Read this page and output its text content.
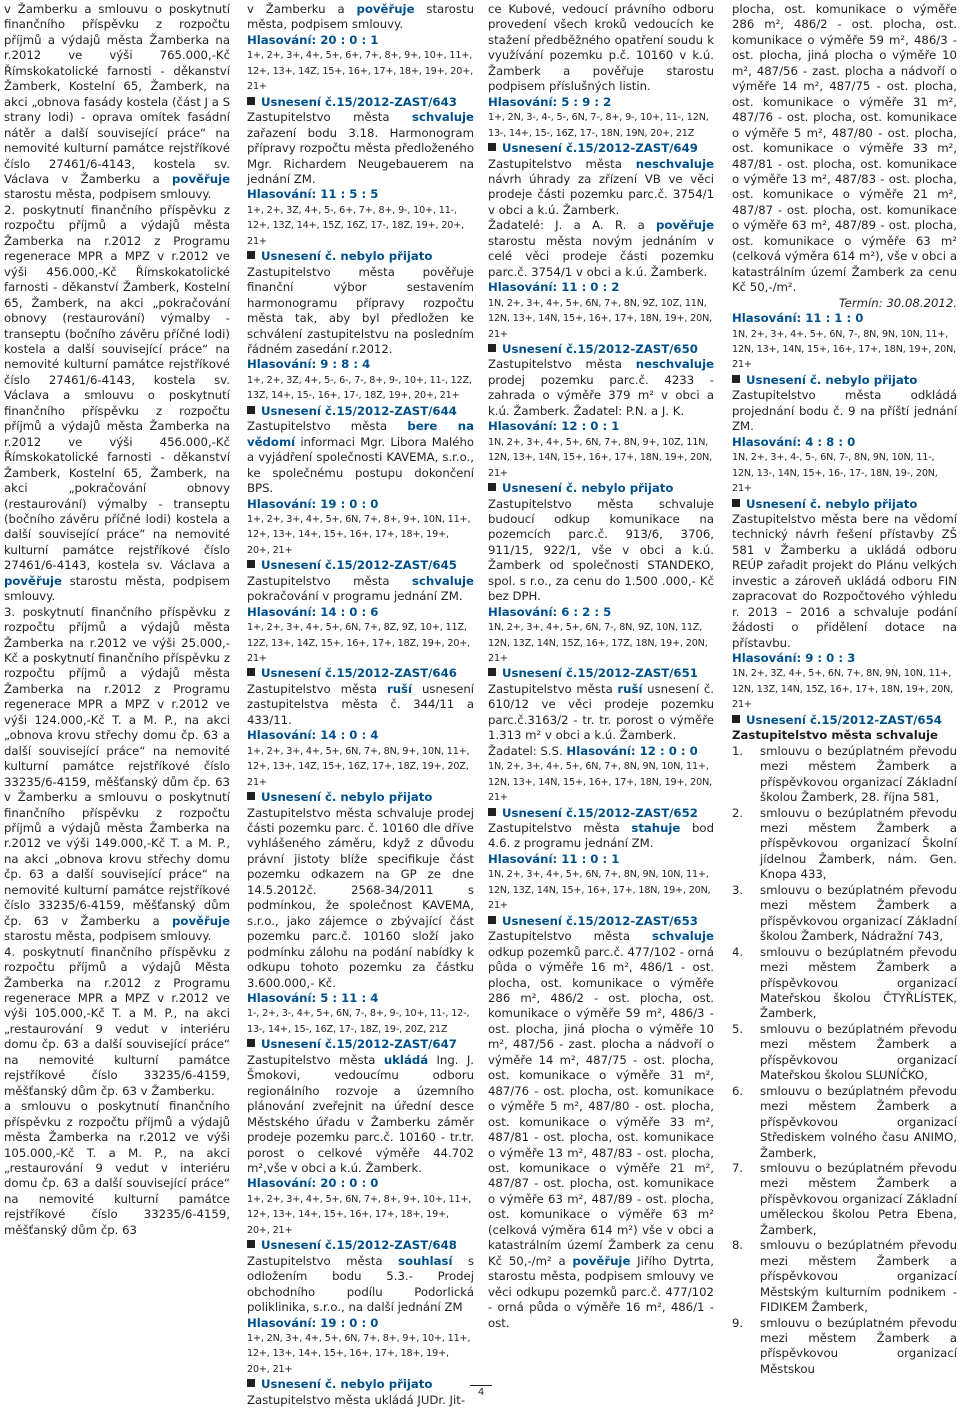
v Žamberku a smlouvu o poskytnutí finančního příspěvku z rozpočtu příjmů a výdajů města Žamberka na r.2012 ve výši 765.000,-Kč Římskokatolické farnosti - děkanství Žamberk, Kostelní 65, Žamberk, na akci „obnova fasády kostela (část J a S strany lodi) - oprava omítek fasádní nátěr a další související práce“ na nemovité kulturní památce rejstříkové číslo 27461/6-4143, kostela sv. Václava v Žamberku a pověřuje starostu města, podpisem smlouvy.

2. poskytnutí finančního příspěvku z rozpočtu příjmů a výdajů města Žamberka na r.2012 z Programu regenerace MPR a MPZ v r.2012 ve výši 456.000,-Kč Římskokatolické farnosti - děkanství Žamberk, Kostelní 65, Žamberk, na akci „pokračování obnovy (restaurování) výmalby - transeptu (bočního závěru příčné lodi) kostela a další související práce“ na nemovité kulturní památce rejstříkové číslo 27461/6-4143, kostela sv. Václava a smlouvu o poskytnutí finančního příspěvku z rozpočtu příjmů a výdajů města Žamberka na r.2012 ve výši 456.000,-Kč Římskokatolické farnosti - děkanství Žamberk, Kostelní 65, Žamberk, na akci „pokračování obnovy (restaurování) výmalby - transeptu (bočního závěru příčné lodi) kostela a další související práce“ na nemovité kulturní památce rejstříkové číslo 27461/6-4143, kostela sv. Václava a pověřuje starostu města, podpisem smlouvy.

3. poskytnutí finančního příspěvku z rozpočtu příjmů a výdajů města Žamberka na r.2012 ve výši 25.000,-Kč a poskytnutí finančního příspěvku z rozpočtu příjmů a výdajů města Žamberka na r.2012 z Programu regenerace MPR a MPZ v r.2012 ve výši 124.000,-Kč T. a M. P., na akci „obnova krovu střechy domu čp. 63 a další související práce“ na nemovité kulturní památce rejstříkové číslo 33235/6-4159, měšťanský dům čp. 63 v Žamberku a smlouvu o poskytnutí finančního příspěvku z rozpočtu příjmů a výdajů města Žamberka na r.2012 ve výši 149.000,-Kč T. a M. P., na akci „obnova krovu střechy domu čp. 63 a další související práce“ na nemovité kulturní památce rejstříkové číslo 33235/6-4159, měšťanský dům čp. 63 v Žamberku a pověřuje starostu města, podpisem smlouvy.

4. poskytnutí finančního příspěvku z rozpočtu příjmů a výdajů Města Žamberka na r.2012 z Programu regenerace MPR a MPZ v r.2012 ve výši 105.000,-Kč T. a M. P., na akci „restaurování 9 vedut v interiéru domu čp. 63 a další související práce“ na nemovité kulturní památce rejstříkové číslo 33235/6-4159, měšťanský dům čp. 63 v Žamberku.

a smlouvu o poskytnutí finančního příspěvku z rozpočtu příjmů a výdajů města Žamberka na r.2012 ve výši 105.000,-Kč T. a M. P., na akci „restaurování 9 vedut v interiéru domu čp. 63 a další související práce“ na nemovité kulturní památce rejstříkové číslo 33235/6-4159, měšťanský dům čp. 63

v Žamberku a pověřuje starostu města, podpisem smlouvy.

Hlasování: 20 : 0 : 1

1+, 2+, 3+, 4+, 5+, 6+, 7+, 8+, 9+, 10+, 11+, 12+, 13+, 14Z, 15+, 16+, 17+, 18+, 19+, 20+, 21+

Usnesení č.15/2012-ZAST/643

Zastupitelstvo města schvaluje zařazení bodu 3.18. Harmonogram přípravy rozpočtu města předloženého Mgr. Richardem Neugebauerem na jednání ZM.

Hlasování: 11 : 5 : 5

1+, 2+, 3Z, 4+, 5-, 6+, 7+, 8+, 9-, 10+, 11-, 12+, 13Z, 14+, 15Z, 16Z, 17-, 18Z, 19+, 20+, 21+

Usnesení č. nebylo přijato

Zastupitelstvo města pověřuje finanční výbor sestavením harmonogramu přípravy rozpočtu města tak, aby byl předložen ke schválení zastupitelstvu na posledním řádném zasedání r.2012.

Hlasování: 9 : 8 : 4

1+, 2+, 3Z, 4+, 5-, 6-, 7-, 8+, 9-, 10+, 11-, 12Z, 13Z, 14+, 15-, 16+, 17-, 18Z, 19+, 20+, 21+

Usnesení č.15/2012-ZAST/644

Zastupitelstvo města bere na vědomí informaci Mgr. Libora Malého a vyjádření společnosti KAVEMA, s.r.o., ke společnému postupu dokončení BPS.

Hlasování: 19 : 0 : 0

1+, 2+, 3+, 4+, 5+, 6N, 7+, 8+, 9+, 10N, 11+, 12+, 13+, 14+, 15+, 16+, 17+, 18+, 19+, 20+, 21+

Usnesení č.15/2012-ZAST/645

Zastupitelstvo města schvaluje pokračování v programu jednání ZM.

Hlasování: 14 : 0 : 6

1+, 2+, 3+, 4+, 5+, 6N, 7+, 8Z, 9Z, 10+, 11Z, 12Z, 13+, 14Z, 15+, 16+, 17+, 18Z, 19+, 20+, 21+

Usnesení č.15/2012-ZAST/646

Zastupitelstvo města ruší usnesení zastupitelstva města č. 344/11 a 433/11.

Hlasování: 14 : 0 : 4

1+, 2+, 3+, 4+, 5+, 6N, 7+, 8N, 9+, 10N, 11+, 12+, 13+, 14Z, 15+, 16Z, 17+, 18Z, 19+, 20Z, 21+

Usnesení č. nebylo přijato

Zastupitelstvo města schvaluje prodej části pozemku parc. č. 10160 dle dříve vyhlášeného záměru, když z důvodu právní jistoty blíže specifikuje část pozemku odkazem na GP ze dne 14.5.2012č. 2568-34/2011 s podmínkou, že společnost KAVEMA, s.r.o., jako zájemce o zbývající část pozemku parc.č. 10160 složí jako podmínku zálohu na podání nabídky k odkupu tohoto pozemku za částku 3.600.000,- Kč.

Hlasování: 5 : 11 : 4

1-, 2+, 3-, 4+, 5+, 6N, 7-, 8+, 9-, 10+, 11-, 12-, 13-, 14+, 15-, 16Z, 17-, 18Z, 19-, 20Z, 21Z

Usnesení č.15/2012-ZAST/647

Zastupitelstvo města ukládá Ing. J. Šmokovi, vedoucímu odboru regionálního rozvoje a územního plánování zveřejnit na úřední desce Městského úřadu v Žamberku záměr prodeje pozemku parc.č. 10160 - tr.tr. porost o celkové výměře 44.702 m²,vše v obci a k.ú. Žamberk.

Hlasování: 20 : 0 : 0

1+, 2+, 3+, 4+, 5+, 6N, 7+, 8+, 9+, 10+, 11+, 12+, 13+, 14+, 15+, 16+, 17+, 18+, 19+, 20+, 21+

Usnesení č.15/2012-ZAST/648

Zastupitelstvo města souhlasí s odložením bodu 5.3.- Prodej obchodního podílu Podorlická poliklinika, s.r.o., na další jednání ZM

Hlasování: 19 : 0 : 0

1+, 2N, 3+, 4+, 5+, 6N, 7+, 8+, 9+, 10+, 11+, 12+, 13+, 14+, 15+, 16+, 17+, 18+, 19+, 20+, 21+

Usnesení č. nebylo přijato

Zastupitelstvo města ukládá JUDr. Jit-

ce Kubové, vedoucí právního odboru provedení všech kroků vedoucích ke stažení předběžného opatření soudu k využívání pozemku p.č. 10160 v k.ú. Žamberk a pověřuje starostu podpisem příslušných listin.

Hlasování: 5 : 9 : 2

1+, 2N, 3-, 4-, 5-, 6N, 7-, 8+, 9-, 10+, 11-, 12N, 13-, 14+, 15-, 16Z, 17-, 18N, 19N, 20+, 21Z

Usnesení č.15/2012-ZAST/649

Zastupitelstvo města neschvaluje návrh úhrady za zřízení VB ve věci prodeje části pozemku parc.č. 3754/1 v obci a k.ú. Žamberk.

Žadatelé: J. a A. R. a pověřuje starostu města novým jednáním v celé věci prodeje části pozemku parc.č. 3754/1 v obci a k.ú. Žamberk.

Hlasování: 11 : 0 : 2

1N, 2+, 3+, 4+, 5+, 6N, 7+, 8N, 9Z, 10Z, 11N, 12N, 13+, 14N, 15+, 16+, 17+, 18N, 19+, 20N, 21+

Usnesení č.15/2012-ZAST/650

Zastupitelstvo města neschvaluje prodej pozemku parc.č. 4233 - zahrada o výměře 379 m² v obci a k.ú. Žamberk. Žadatel: P.N. a J. K.

Hlasování: 12 : 0 : 1

1N, 2+, 3+, 4+, 5+, 6N, 7+, 8N, 9+, 10Z, 11N, 12N, 13+, 14N, 15+, 16+, 17+, 18N, 19+, 20N, 21+

Usnesení č. nebylo přijato

Zastupitelstvo města schvaluje budoucí odkup komunikace na pozemcích parc.č. 913/6, 3706, 911/15, 922/1, vše v obci a k.ú. Žamberk od společnosti STANDEKO, spol. s r.o., za cenu do 1.500 .000,- Kč bez DPH.

Hlasování: 6 : 2 : 5

1N, 2+, 3+, 4+, 5+, 6N, 7-, 8N, 9Z, 10N, 11Z, 12N, 13Z, 14N, 15Z, 16+, 17Z, 18N, 19+, 20N, 21+

Usnesení č.15/2012-ZAST/651

Zastupitelstvo města ruší usnesení č. 610/12 ve věci prodeje pozemku parc.č.3163/2 - tr. tr. porost o výměře 1.313 m² v obci a k.ú. Žamberk.

Žadatel: S.S. Hlasování: 12 : 0 : 0

1N, 2+, 3+, 4+, 5+, 6N, 7+, 8N, 9N, 10N, 11+, 12N, 13+, 14N, 15+, 16+, 17+, 18N, 19+, 20N, 21+

Usnesení č.15/2012-ZAST/652

Zastupitelstvo města stahuje bod 4.6. z programu jednání ZM.

Hlasování: 11 : 0 : 1

1N, 2+, 3+, 4+, 5+, 6N, 7+, 8N, 9N, 10N, 11+, 12N, 13Z, 14N, 15+, 16+, 17+, 18N, 19+, 20N, 21+

Usnesení č.15/2012-ZAST/653

Zastupitelstvo města schvaluje odkup pozemků parc.č. 477/102 - orná půda o výměře 16 m², 486/1 - ost. plocha, ost. komunikace o výměře 286 m², 486/2 - ost. plocha, ost. komunikace o výměře 59 m², 486/3 - ost. plocha, jiná plocha o výměře 10 m², 487/56 - zast. plocha a nádvoří o výměře 14 m², 487/75 - ost. plocha, ost. komunikace o výměře 31 m², 487/76 - ost. plocha, ost. komunikace o výměře 5 m², 487/80 - ost. plocha, ost. komunikace o výměře 33 m², 487/81 - ost. plocha, ost. komunikace o výměře 13 m², 487/83 - ost. plocha, ost. komunikace o výměře 21 m², 487/87 - ost. plocha, ost. komunikace o výměře 63 m², 487/89 - ost. plocha, ost. komunikace o výměře 63 m² (celková výměra 614 m²) vše v obci a katastrálním území Žamberk za cenu Kč 50,-/m² a pověřuje Jiřího Dytrta, starostu města, podpisem smlouvy ve věci odkupu pozemků parc.č. 477/102 - orná půda o výměře 16 m², 486/1 - ost.

plocha, ost. komunikace o výměře 286 m², 486/2 - ost. plocha, ost. komunikace o výměře 59 m², 486/3 - ost. plocha, jiná plocha o výměře 10 m², 487/56 - zast. plocha a nádvoří o výměře 14 m², 487/75 - ost. plocha, ost. komunikace o výměře 31 m², 487/76 - ost. plocha, ost. komunikace o výměře 5 m², 487/80 - ost. plocha, ost. komunikace o výměře 33 m², 487/81 - ost. plocha, ost. komunikace o výměře 13 m², 487/83 - ost. plocha, ost. komunikace o výměře 21 m², 487/87 - ost. plocha, ost. komunikace o výměře 63 m², 487/89 - ost. plocha, ost. komunikace o výměře 63 m² (celková výměra 614 m²), vše v obci a katastrálním území Žamberk za cenu Kč 50,-/m².

Termín: 30.08.2012.

Hlasování: 11 : 1 : 0

1N, 2+, 3+, 4+, 5+, 6N, 7-, 8N, 9N, 10N, 11+, 12N, 13+, 14N, 15+, 16+, 17+, 18N, 19+, 20N, 21+

Usnesení č. nebylo přijato

Zastupitelstvo města odkládá projednání bodu č. 9 na příští jednání ZM.

Hlasování: 4 : 8 : 0

1N, 2+, 3+, 4-, 5-, 6N, 7-, 8N, 9N, 10N, 11-, 12N, 13-, 14N, 15+, 16-, 17-, 18N, 19-, 20N, 21+

Usnesení č. nebylo přijato

Zastupitelstvo města bere na vědomí technický návrh řešení přístavby ZŠ 581 v Žamberku a ukládá odboru REÚP zařadit projekt do Plánu velkých investic a zároveň ukládá odboru FIN zapracovat do Rozpočtového výhledu r. 2013 – 2016 a schvaluje podání žádosti o přidělení dotace na přístavbu.

Hlasování: 9 : 0 : 3

1N, 2+, 3Z, 4+, 5+, 6N, 7+, 8N, 9N, 10N, 11+, 12N, 13Z, 14N, 15Z, 16+, 17+, 18N, 19+, 20N, 21+

Usnesení č.15/2012-ZAST/654

Zastupitelstvo města schvaluje

1. smlouvu o bezúplatném převodu mezi městem Žamberk a příspěvkovou organizací Základní školou Žamberk, 28. října 581,
2. smlouvu o bezúplatném převodu mezi městem Žamberk a příspěvkovou organizací Školní jídelnou Žamberk, nám. Gen. Knopa 433,
3. smlouvu o bezúplatném převodu mezi městem Žamberk a příspěvkovou organizací Základní školou Žamberk, Nádražní 743,
4. smlouvu o bezúplatném převodu mezi městem Žamberk a příspěvkovou organizací Mateřskou školou ČTYŘLÍSTEK, Žamberk,
5. smlouvu o bezúplatném převodu mezi městem Žamberk a příspěvkovou organizací Mateřskou školou SLUNÍČKO,
6. smlouvu o bezúplatném převodu mezi městem Žamberk a příspěvkovou organizací Střediskem volného času ANIMO, Žamberk,
7. smlouvu o bezúplatném převodu mezi městem Žamberk a příspěvkovou organizací Základní uměleckou školou Petra Ebena, Žamberk,
8. smlouvu o bezúplatném převodu mezi městem Žamberk a příspěvkovou organizací Městským kulturním podnikem - FIDIKEM Žamberk,
9. smlouvu o bezúplatném převodu mezi městem Žamberk a příspěvkovou organizací Městskou
4
